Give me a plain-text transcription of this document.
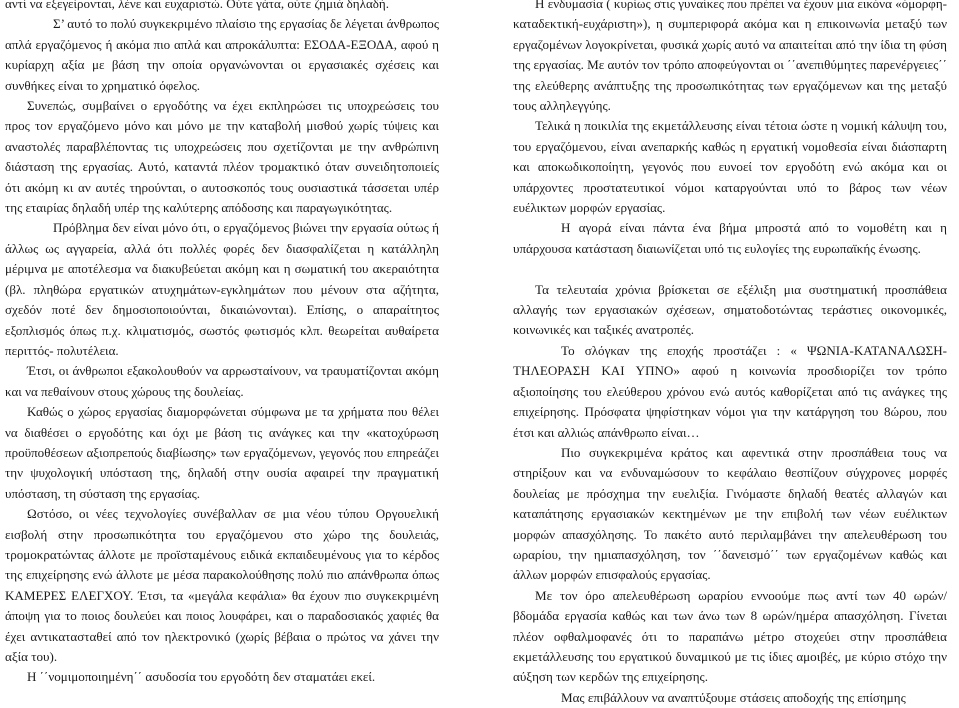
αντί να εξεγείρονται, λένε και ευχαριστώ. Ούτε γάτα, ούτε ζημιά δηλαδή.

Σ’ αυτό το πολύ συγκεκριμένο πλαίσιο της εργασίας δε λέγεται άνθρωπος απλά εργαζόμενος ή ακόμα πιο απλά και απροκάλυπτα: ΕΣΟΔΑ-ΕΞΟΔΑ, αφού η κυρίαρχη αξία με βάση την οποία οργανώνονται οι εργασιακές σχέσεις και συνθήκες είναι το χρηματικό όφελος.

Συνεπώς, συμβαίνει ο εργοδότης να έχει εκπληρώσει τις υποχρεώσεις του προς τον εργαζόμενο μόνο και μόνο με την καταβολή μισθού χωρίς τύψεις και αναστολές παραβλέποντας τις υποχρεώσεις που σχετίζονται με την ανθρώπινη διάσταση της εργασίας. Αυτό, καταντά πλέον τρομακτικό όταν συνειδητοποιείς ότι ακόμη κι αν αυτές τηρούνται, ο αυτοσκοπός τους ουσιαστικά τάσσεται υπέρ της εταιρίας δηλαδή υπέρ της καλύτερης απόδοσης και παραγωγικότητας.

Πρόβλημα δεν είναι μόνο ότι, ο εργαζόμενος βιώνει την εργασία ούτως ή άλλως ως αγγαρεία, αλλά ότι πολλές φορές δεν διασφαλίζεται η κατάλληλη μέριμνα με αποτέλεσμα να διακυβεύεται ακόμη και η σωματική του ακεραιότητα (βλ. πληθώρα εργατικών ατυχημάτων-εγκλημάτων που μένουν στα αζήτητα, σχεδόν ποτέ δεν δημοσιοποιούνται, δικαιώνονται). Επίσης, ο απαραίτητος εξοπλισμός όπως π.χ. κλιματισμός, σωστός φωτισμός κλπ. θεωρείται αυθαίρετα περιττός- πολυτέλεια.

Έτσι, οι άνθρωποι εξακολουθούν να αρρωσταίνουν, να τραυματίζονται ακόμη και να πεθαίνουν στους χώρους της δουλείας.

Καθώς ο χώρος εργασίας διαμορφώνεται σύμφωνα με τα χρήματα που θέλει να διαθέσει ο εργοδότης και όχι με βάση τις ανάγκες και την «κατοχύρωση προϋποθέσεων αξιοπρεπούς διαβίωσης» των εργαζόμενων, γεγονός που επηρεάζει την ψυχολογική υπόσταση της, δηλαδή στην ουσία αφαιρεί την πραγματική υπόσταση, τη σύσταση της εργασίας.

Ωστόσο, οι νέες τεχνολογίες συνέβαλλαν σε μια νέου τύπου Οργουελική εισβολή στην προσωπικότητα του εργαζόμενου στο χώρο της δουλειάς, τρομοκρατώντας άλλοτε με προϊσταμένους ειδικά εκπαιδευμένους για το κέρδος της επιχείρησης ενώ άλλοτε με μέσα παρακολούθησης πολύ πιο απάνθρωπα όπως ΚΑΜΕΡΕΣ ΕΛΕΓΧΟΥ. Έτσι, τα «μεγάλα κεφάλια» θα έχουν πιο συγκεκριμένη άποψη για το ποιος δουλεύει και ποιος λουφάρει, και ο παραδοσιακός χαφιές θα έχει αντικατασταθεί από τον ηλεκτρονικό (χωρίς βέβαια ο πρώτος να χάνει την αξία του).

Η ΄΄νομιμοποιημένη΄΄ ασυδοσία του εργοδότη δεν σταματάει εκεί.

Η ενδυμασία ( κυρίως στις γυναίκες που πρέπει να έχουν μια εικόνα «όμορφη-καταδεκτική-ευχάριστη»), η συμπεριφορά ακόμα και η επικοινωνία μεταξύ των εργαζομένων λογοκρίνεται, φυσικά χωρίς αυτό να απαιτείται από την ίδια τη φύση της εργασίας. Με αυτόν τον τρόπο αποφεύγονται οι ΄΄ανεπιθύμητες παρενέργειες΄΄ της ελεύθερης ανάπτυξης της προσωπικότητας των εργαζόμενων και της μεταξύ τους αλληλεγγύης.

Τελικά η ποικιλία της εκμετάλλευσης είναι τέτοια ώστε η νομική κάλυψη του, του εργαζόμενου, είναι ανεπαρκής καθώς η εργατική νομοθεσία είναι διάσπαρτη και αποκωδικοποίητη, γεγονός που ευνοεί τον εργοδότη ενώ ακόμα και οι υπάρχοντες προστατευτικοί νόμοι καταργούνται υπό το βάρος των νέων ευέλικτων μορφών εργασίας.

Η αγορά είναι πάντα ένα βήμα μπροστά από το νομοθέτη και η υπάρχουσα κατάσταση διαιωνίζεται υπό τις ευλογίες της ευρωπαϊκής ένωσης.

Τα τελευταία χρόνια βρίσκεται σε εξέλιξη μια συστηματική προσπάθεια αλλαγής των εργασιακών σχέσεων, σηματοδοτώντας τεράστιες οικονομικές, κοινωνικές και ταξικές ανατροπές.

Το σλόγκαν της εποχής προστάζει : « ΨΩΝΙΑ-ΚΑΤΑΝΑΛΩΣΗ-ΤΗΛΕΟΡΑΣΗ ΚΑΙ ΥΠΝΟ» αφού η κοινωνία προσδιορίζει τον τρόπο αξιοποίησης του ελεύθερου χρόνου ενώ αυτός καθορίζεται από τις ανάγκες της επιχείρησης. Πρόσφατα ψηφίστηκαν νόμοι για την κατάργηση του 8ώρου, που έτσι και αλλιώς απάνθρωπο είναι…

Πιο συγκεκριμένα κράτος και αφεντικά στην προσπάθεια τους να στηρίξουν και να ενδυναμώσουν το κεφάλαιο θεσπίζουν σύγχρονες μορφές δουλείας με πρόσχημα την ευελιξία. Γινόμαστε δηλαδή θεατές αλλαγών και καταπάτησης εργασιακών κεκτημένων με την επιβολή των νέων ευέλικτων μορφών απασχόλησης. Το πακέτο αυτό περιλαμβάνει την απελευθέρωση του ωραρίου, την ημιαπασχόληση, τον ΄΄δανεισμό΄΄ των εργαζομένων καθώς και άλλων μορφών επισφαλούς εργασίας.

Με τον όρο απελευθέρωση ωραρίου εννοούμε πως αντί των 40 ωρών/βδομάδα εργασία καθώς και των άνω των 8 ωρών/ημέρα απασχόληση. Γίνεται πλέον οφθαλμοφανές ότι το παραπάνω μέτρο στοχεύει στην προσπάθεια εκμετάλλευσης του εργατικού δυναμικού με τις ίδιες αμοιβές, με κύριο στόχο την αύξηση των κερδών της επιχείρησης.

Μας επιβάλλουν να αναπτύξουμε στάσεις αποδοχής της επίσημης
